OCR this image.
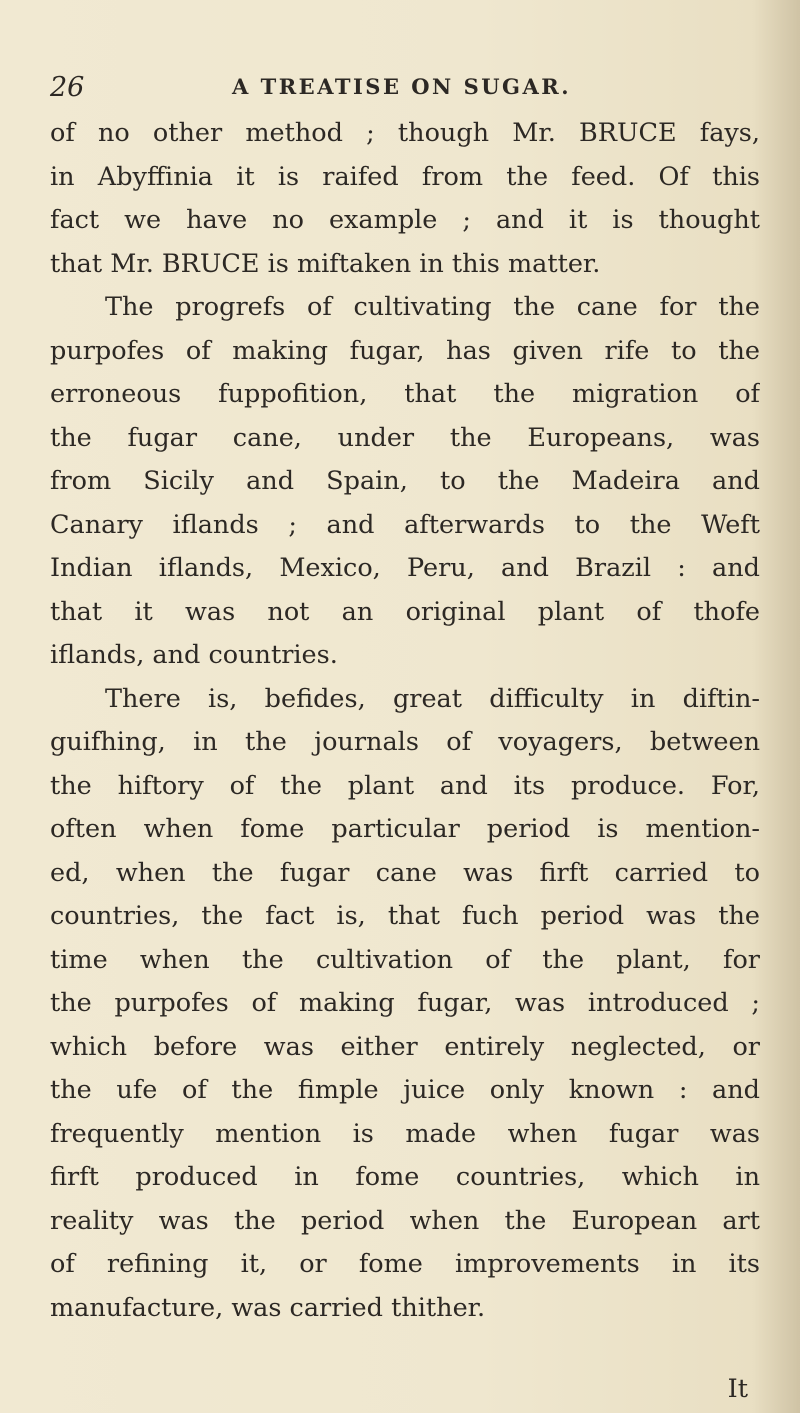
26	A TREATISE ON SUGAR.
of no other method ; though Mr. BRUCE fays,
in Abyffinia it is raifed from the feed. Of this
fact we have no example ; and it is thought
that Mr. BRUCE is miftaken in this matter.
The progrefs of cultivating the cane for the
purpofes of making fugar, has given rife to the
erroneous fuppofition, that the migration of
the fugar cane, under the Europeans, was
from Sicily and Spain, to the Madeira and
Canary iflands ; and afterwards to the Weft
Indian iflands, Mexico, Peru, and Brazil : and
that it was not an original plant of thofe
iflands, and countries.
There is, befides, great difficulty in diftin-
guifhing, in the journals of voyagers, between
the hiftory of the plant and its produce. For,
often when fome particular period is mention-
ed, when the fugar cane was firft carried to
countries, the fact is, that fuch period was the
time when the cultivation of the plant, for
the purpofes of making fugar, was introduced ;
which before was either entirely neglected, or
the ufe of the fimple juice only known : and
frequently mention is made when fugar was
firft produced in fome countries, which in
reality was the period when the European art
of refining it, or fome improvements in its
manufacture, was carried thither.
It
